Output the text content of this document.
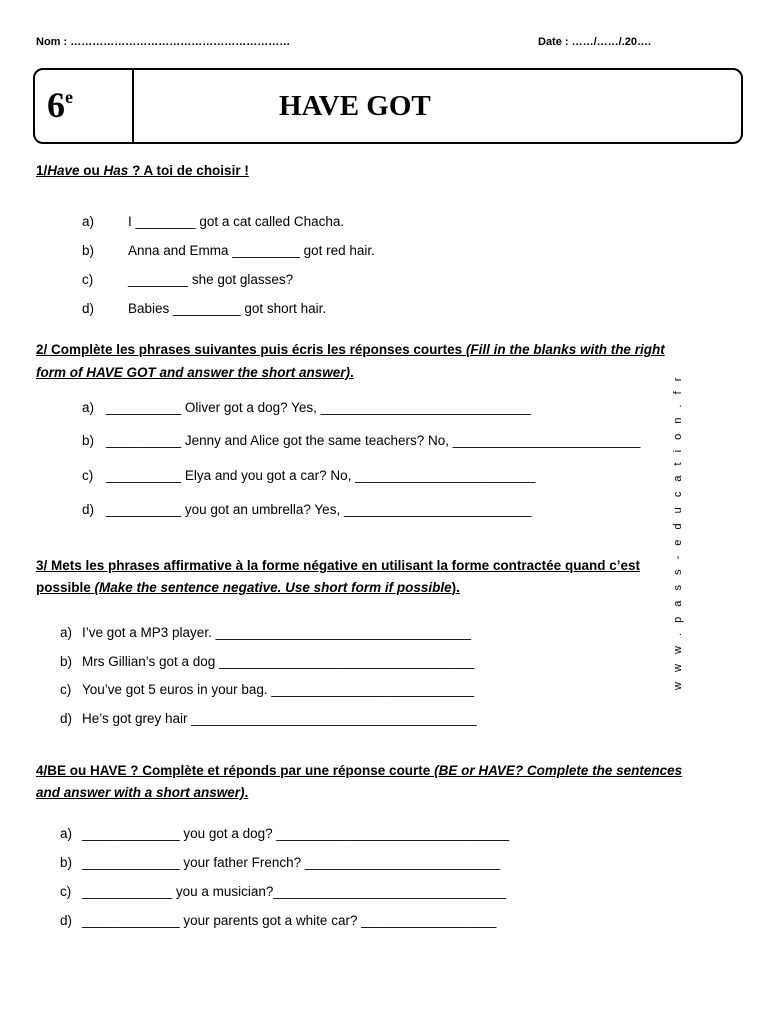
Nom : ……………………………………………………	Date : ……/……/.20….
6e	HAVE GOT
1/Have ou Has ? A toi de choisir !
a)	I ________ got a cat called Chacha.
b)	Anna and Emma _________ got red hair.
c)	________ she got glasses?
d)	Babies _________ got short hair.
2/ Complète les phrases suivantes puis écris les réponses courtes (Fill in the blanks with the right
form of HAVE GOT and answer the short answer).
a) __________ Oliver got a dog? Yes, ____________________________
b) __________ Jenny and Alice got the same teachers? No, _________________________
c) __________ Elya and you got a car? No, ________________________
d) __________ you got an umbrella? Yes, _________________________
3/ Mets les phrases affirmative à la forme négative en utilisant la forme contractée quand c’est
possible (Make the sentence negative. Use short form if possible).
a) I’ve got a MP3 player. __________________________________
b) Mrs Gillian’s got a dog __________________________________
c) You’ve got 5 euros in your bag. ___________________________
d) He’s got grey hair ______________________________________
4/BE ou HAVE ? Complète et réponds par une réponse courte (BE or HAVE? Complete the sentences
and answer with a short answer).
a) _____________ you got a dog? _______________________________
b) _____________ your father French? __________________________
c) ____________ you a musician?_______________________________
d) _____________ your parents got a white car? __________________
w w w . p a s s - e d u c a t i o n . f r
